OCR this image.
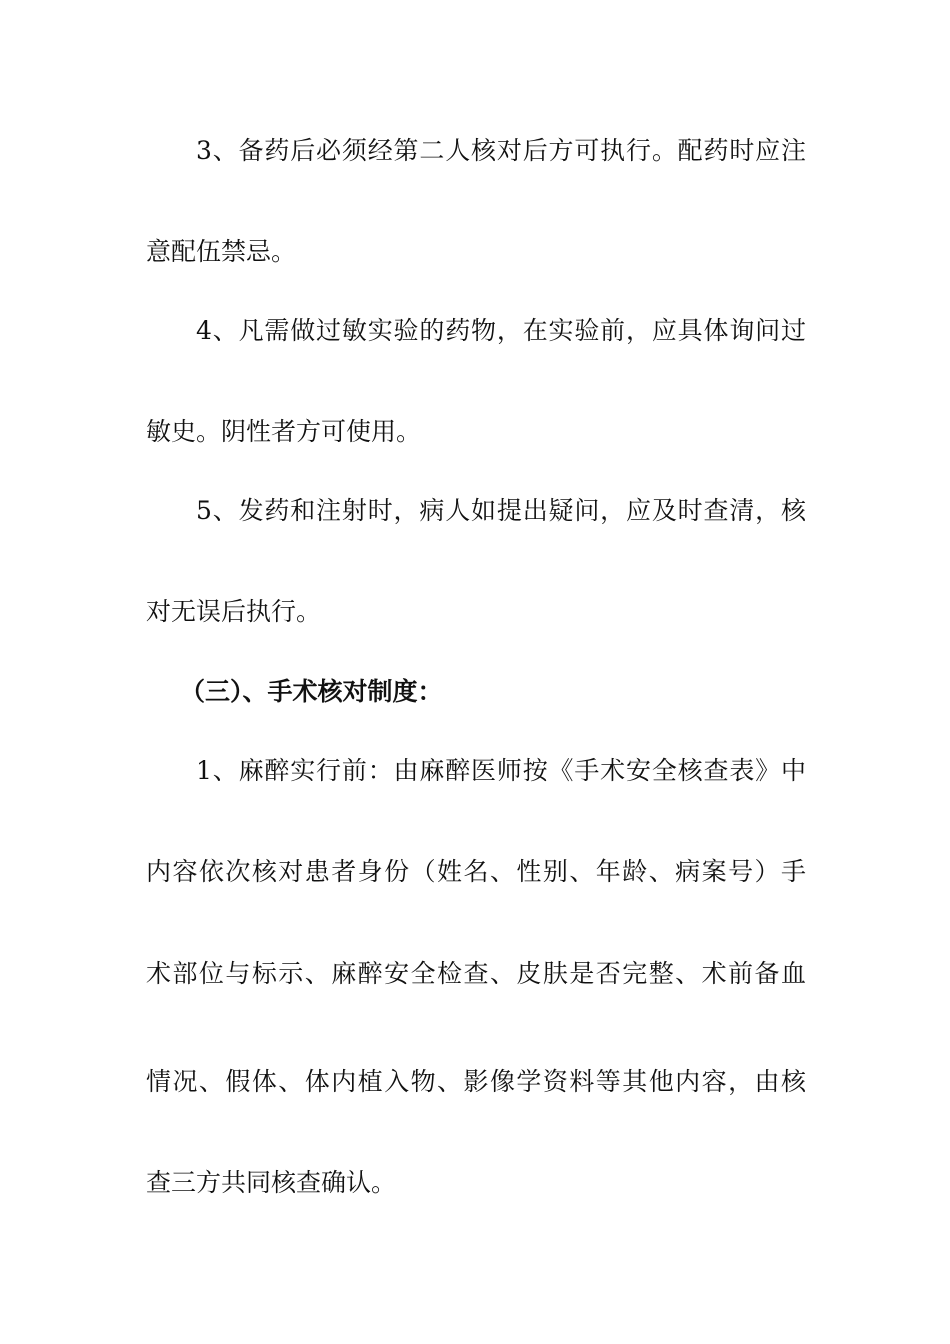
3、备药后必须经第二人核对后方可执行。配药时应注
意配伍禁忌。
4、凡需做过敏实验的药物，在实验前，应具体询问过
敏史。阴性者方可使用。
5、发药和注射时，病人如提出疑问，应及时查清，核
对无误后执行。
（三）、手术核对制度：
1、麻醉实行前：由麻醉医师按《手术安全核查表》中
内容依次核对患者身份（姓名、性别、年龄、病案号）手
术部位与标示、麻醉安全检查、皮肤是否完整、术前备血
情况、假体、体内植入物、影像学资料等其他内容，由核
查三方共同核查确认。
